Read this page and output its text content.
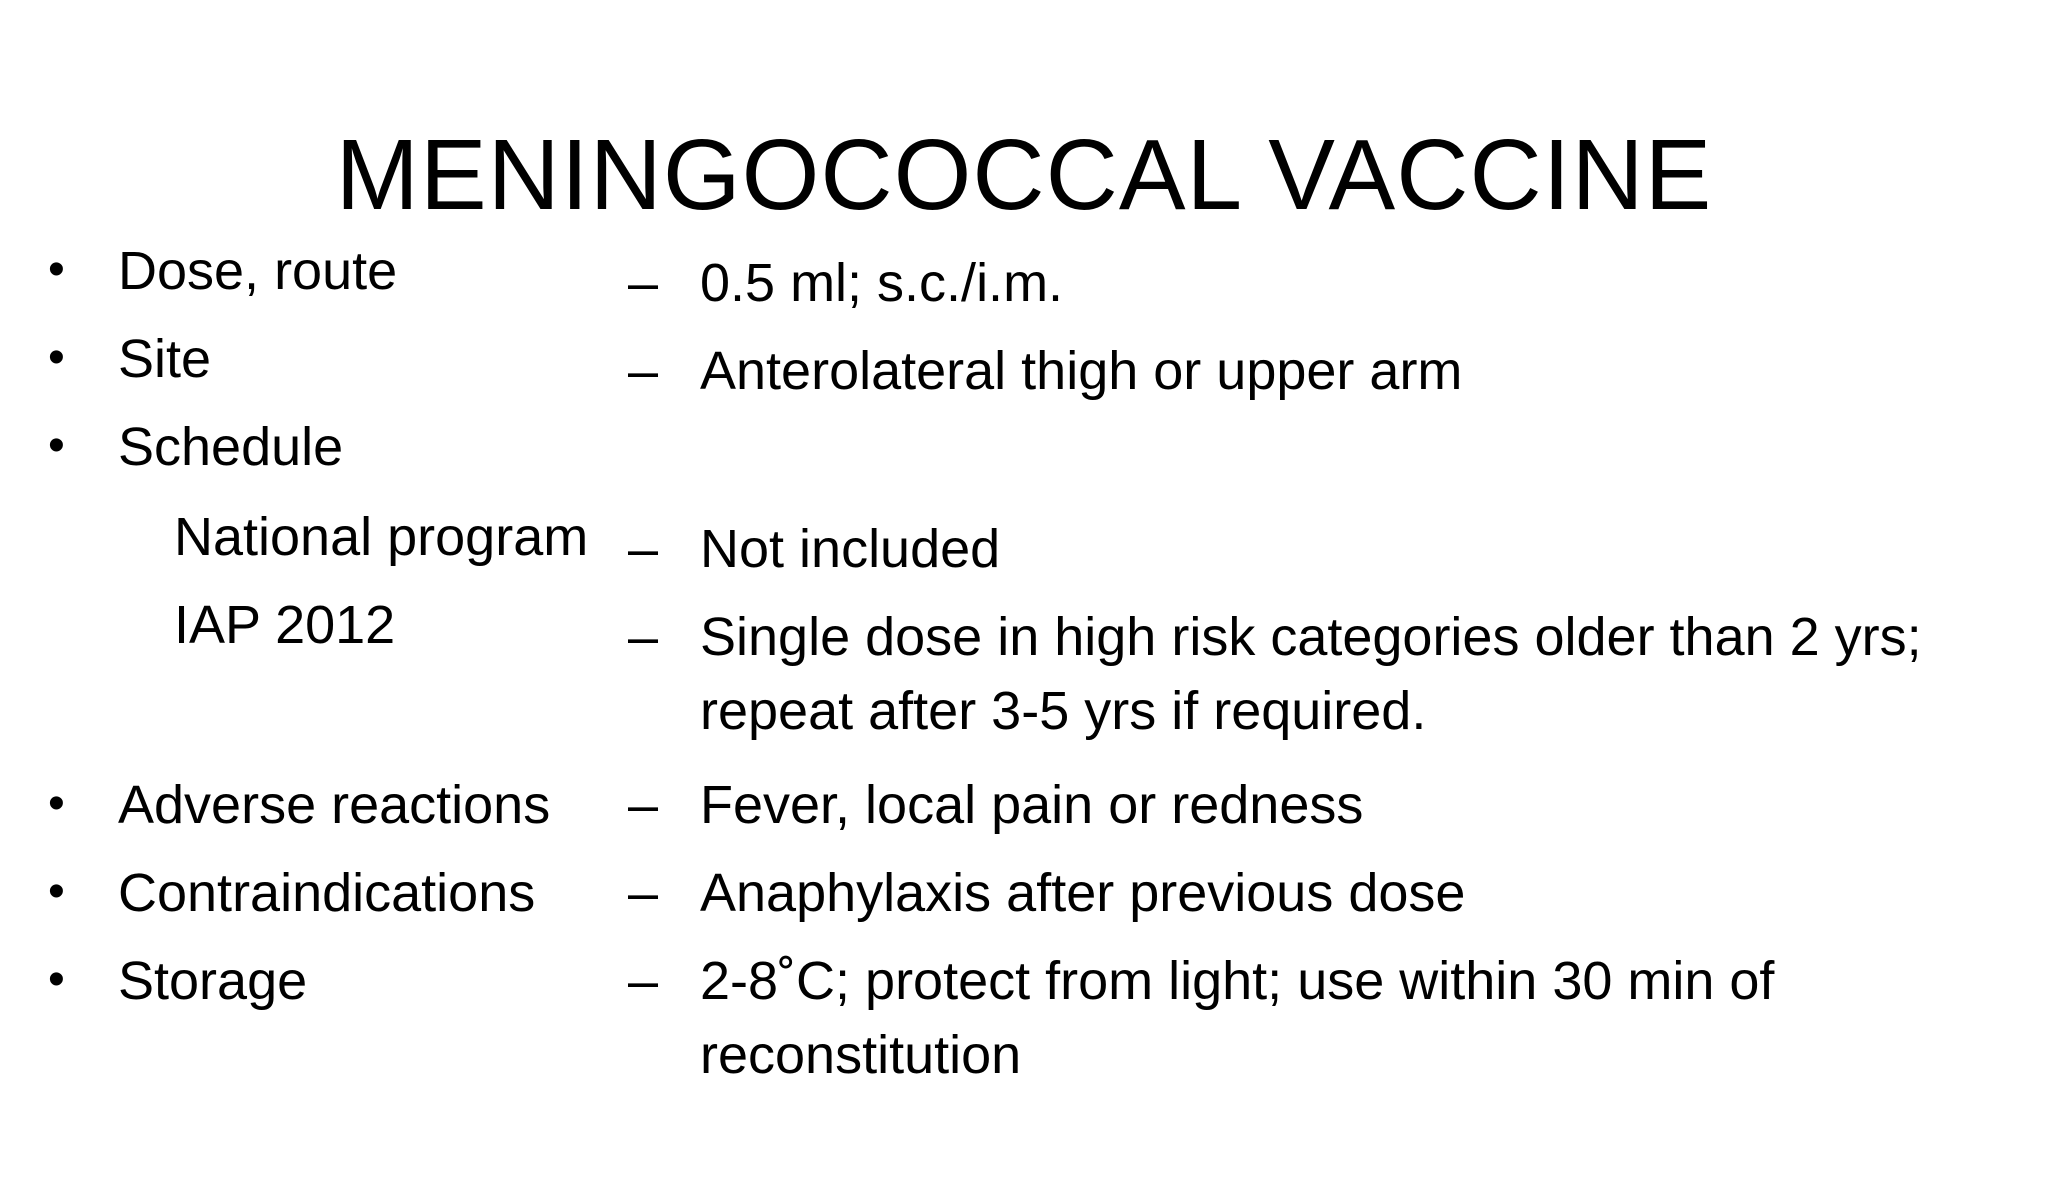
MENINGOCOCCAL VACCINE
• Dose, route	– 0.5 ml; s.c./i.m.
• Site	– Anterolateral thigh or upper arm
• Schedule
National program – Not included
IAP 2012	– Single dose in high risk categories older than 2 yrs; repeat after 3-5 yrs if required.
• Adverse reactions – Fever, local pain or redness
• Contraindications – Anaphylaxis after previous dose
• Storage	– 2-8˚C; protect from light; use within 30 min of reconstitution
